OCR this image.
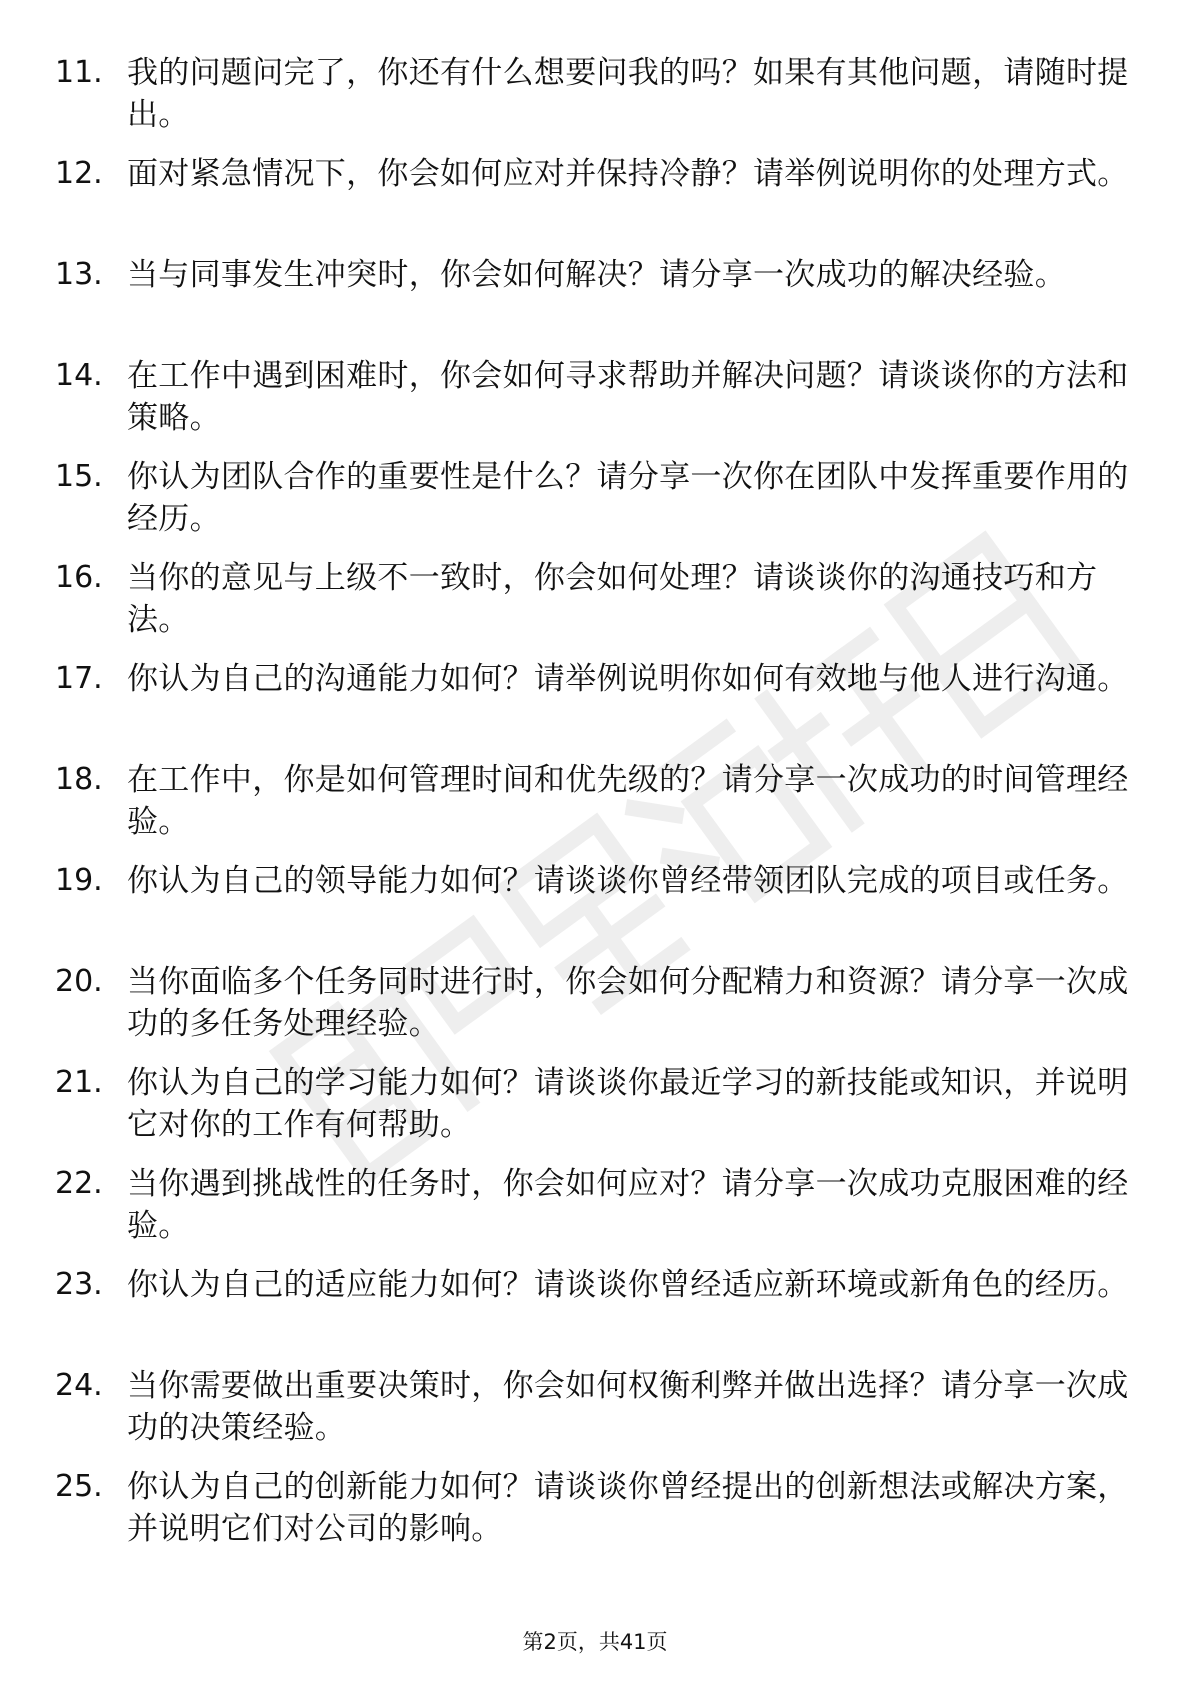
11. 我的问题问完了，你还有什么想要问我的吗？如果有其他问题，请随时提出。
12. 面对紧急情况下，你会如何应对并保持冷静？请举例说明你的处理方式。
13. 当与同事发生冲突时，你会如何解决？请分享一次成功的解决经验。
14. 在工作中遇到困难时，你会如何寻求帮助并解决问题？请谈谈你的方法和策略。
15. 你认为团队合作的重要性是什么？请分享一次你在团队中发挥重要作用的经历。
16. 当你的意见与上级不一致时，你会如何处理？请谈谈你的沟通技巧和方法。
17. 你认为自己的沟通能力如何？请举例说明你如何有效地与他人进行沟通。
18. 在工作中，你是如何管理时间和优先级的？请分享一次成功的时间管理经验。
19. 你认为自己的领导能力如何？请谈谈你曾经带领团队完成的项目或任务。
20. 当你面临多个任务同时进行时，你会如何分配精力和资源？请分享一次成功的多任务处理经验。
21. 你认为自己的学习能力如何？请谈谈你最近学习的新技能或知识，并说明它对你的工作有何帮助。
22. 当你遇到挑战性的任务时，你会如何应对？请分享一次成功克服困难的经验。
23. 你认为自己的适应能力如何？请谈谈你曾经适应新环境或新角色的经历。
24. 当你需要做出重要决策时，你会如何权衡利弊并做出选择？请分享一次成功的决策经验。
25. 你认为自己的创新能力如何？请谈谈你曾经提出的创新想法或解决方案，并说明它们对公司的影响。
第2页，共41页
